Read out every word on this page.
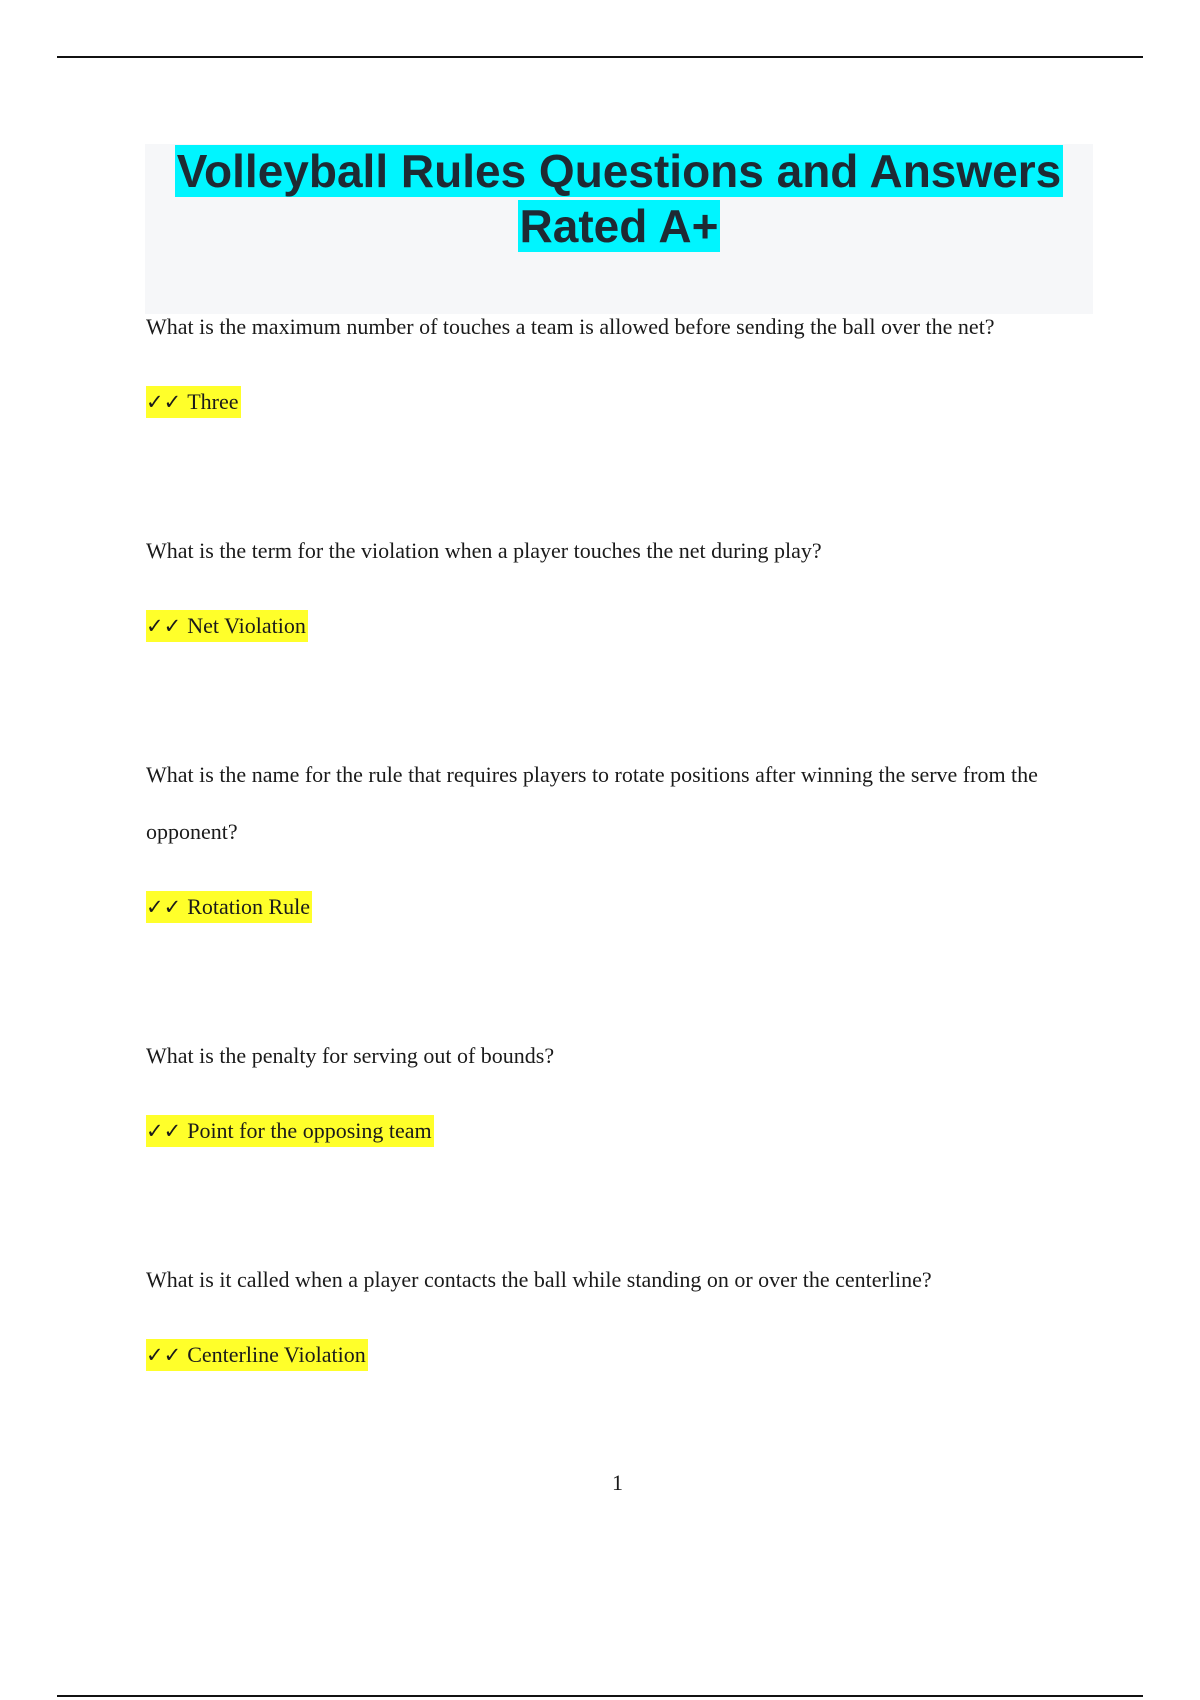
Volleyball Rules Questions and Answers
Rated A+
What is the maximum number of touches a team is allowed before sending the ball over the net?
✓✓ Three
What is the term for the violation when a player touches the net during play?
✓✓ Net Violation
What is the name for the rule that requires players to rotate positions after winning the serve from the opponent?
✓✓ Rotation Rule
What is the penalty for serving out of bounds?
✓✓ Point for the opposing team
What is it called when a player contacts the ball while standing on or over the centerline?
✓✓ Centerline Violation
1
